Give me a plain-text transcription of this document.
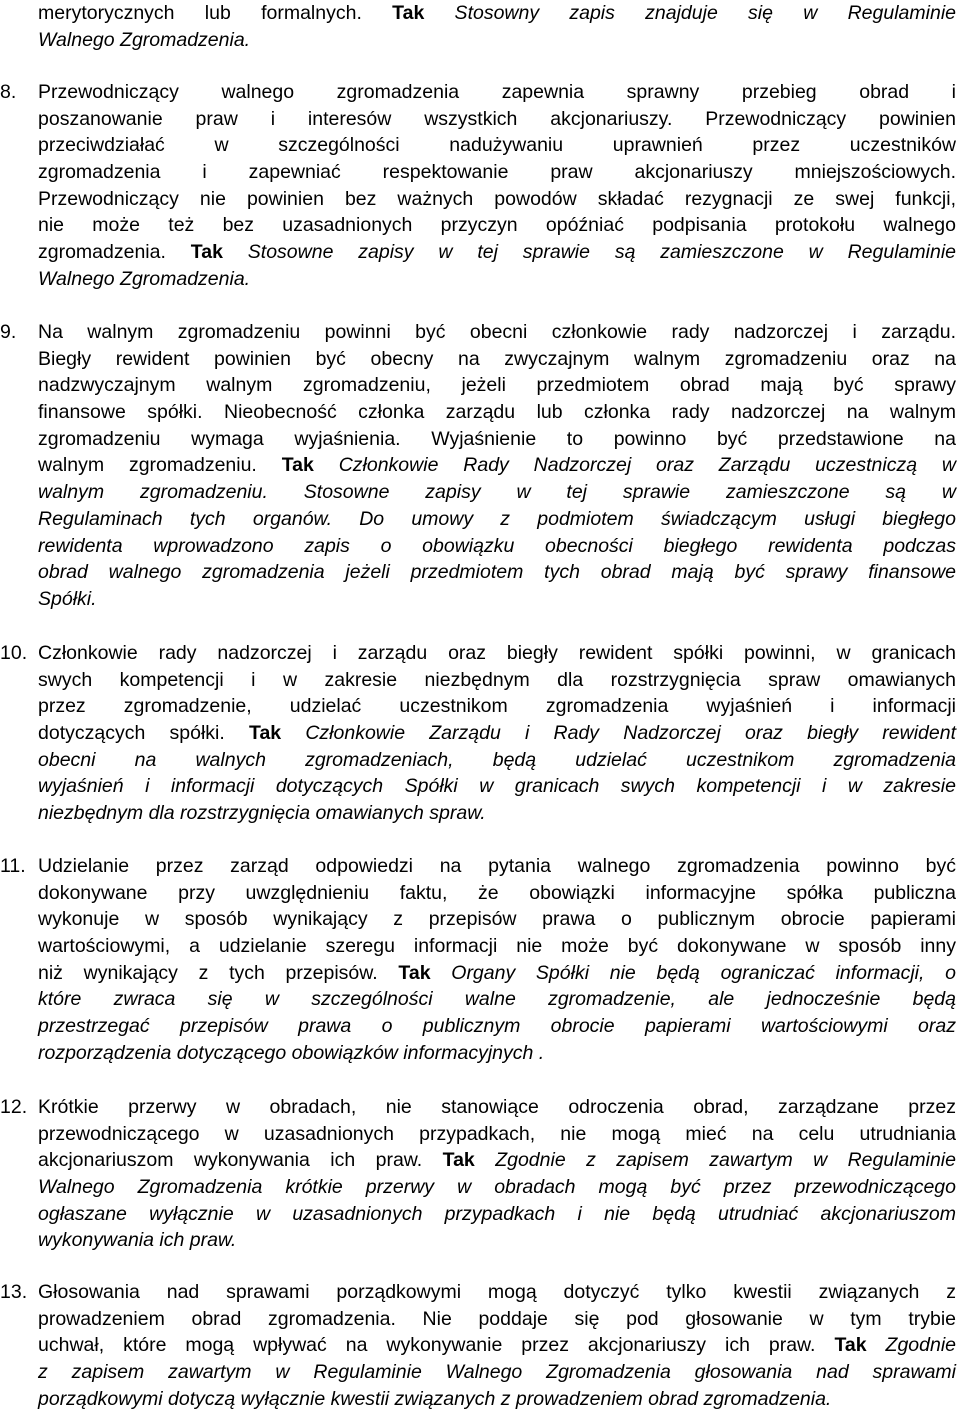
merytorycznych lub formalnych. Tak Stosowny zapis znajduje się w Regulaminie
Walnego Zgromadzenia.
8. Przewodniczący walnego zgromadzenia zapewnia sprawny przebieg obrad i
poszanowanie praw i interesów wszystkich akcjonariuszy. Przewodniczący powinien
przeciwdziałać w szczególności nadużywaniu uprawnień przez uczestników
zgromadzenia i zapewniać respektowanie praw akcjonariuszy mniejszościowych.
Przewodniczący nie powinien bez ważnych powodów składać rezygnacji ze swej funkcji,
nie może też bez uzasadnionych przyczyn opóźniać podpisania protokołu walnego
zgromadzenia. Tak Stosowne zapisy w tej sprawie są zamieszczone w Regulaminie
Walnego Zgromadzenia.
9. Na walnym zgromadzeniu powinni być obecni członkowie rady nadzorczej i zarządu.
Biegły rewident powinien być obecny na zwyczajnym walnym zgromadzeniu oraz na
nadzwyczajnym walnym zgromadzeniu, jeżeli przedmiotem obrad mają być sprawy
finansowe spółki. Nieobecność członka zarządu lub członka rady nadzorczej na walnym
zgromadzeniu wymaga wyjaśnienia. Wyjaśnienie to powinno być przedstawione na
walnym zgromadzeniu. Tak Członkowie Rady Nadzorczej oraz Zarządu uczestniczą w
walnym zgromadzeniu. Stosowne zapisy w tej sprawie zamieszczone są w
Regulaminach tych organów. Do umowy z podmiotem świadczącym usługi biegłego
rewidenta wprowadzono zapis o obowiązku obecności biegłego rewidenta podczas
obrad walnego zgromadzenia jeżeli przedmiotem tych obrad mają być sprawy finansowe
Spółki.
10. Członkowie rady nadzorczej i zarządu oraz biegły rewident spółki powinni, w granicach
swych kompetencji i w zakresie niezbędnym dla rozstrzygnięcia spraw omawianych
przez zgromadzenie, udzielać uczestnikom zgromadzenia wyjaśnień i informacji
dotyczących spółki. Tak Członkowie Zarządu i Rady Nadzorczej oraz biegły rewident
obecni na walnych zgromadzeniach, będą udzielać uczestnikom zgromadzenia
wyjaśnień i informacji dotyczących Spółki w granicach swych kompetencji i w zakresie
niezbędnym dla rozstrzygnięcia omawianych spraw.
11. Udzielanie przez zarząd odpowiedzi na pytania walnego zgromadzenia powinno być
dokonywane przy uwzględnieniu faktu, że obowiązki informacyjne spółka publiczna
wykonuje w sposób wynikający z przepisów prawa o publicznym obrocie papierami
wartościowymi, a udzielanie szeregu informacji nie może być dokonywane w sposób inny
niż wynikający z tych przepisów. Tak Organy Spółki nie będą ograniczać informacji, o
które zwraca się w szczególności walne zgromadzenie, ale jednocześnie będą
przestrzegać przepisów prawa o publicznym obrocie papierami wartościowymi oraz
rozporządzenia dotyczącego obowiązków informacyjnych .
12. Krótkie przerwy w obradach, nie stanowiące odroczenia obrad, zarządzane przez
przewodniczącego w uzasadnionych przypadkach, nie mogą mieć na celu utrudniania
akcjonariuszom wykonywania ich praw. Tak Zgodnie z zapisem zawartym w Regulaminie
Walnego Zgromadzenia krótkie przerwy w obradach mogą być przez przewodniczącego
ogłaszane wyłącznie w uzasadnionych przypadkach i nie będą utrudniać akcjonariuszom
wykonywania ich praw.
13. Głosowania nad sprawami porządkowymi mogą dotyczyć tylko kwestii związanych z
prowadzeniem obrad zgromadzenia. Nie poddaje się pod głosowanie w tym trybie
uchwał, które mogą wpływać na wykonywanie przez akcjonariuszy ich praw. Tak Zgodnie
z zapisem zawartym w Regulaminie Walnego Zgromadzenia głosowania nad sprawami
porządkowymi dotyczą wyłącznie kwestii związanych z prowadzeniem obrad zgromadzenia.
